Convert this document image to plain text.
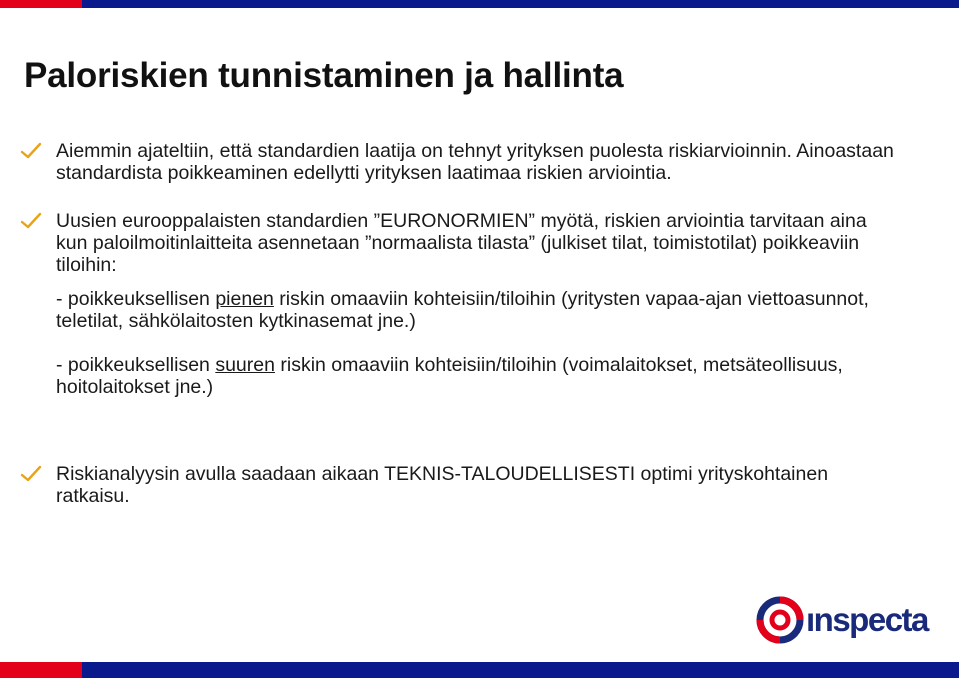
Paloriskien tunnistaminen ja hallinta
Aiemmin ajateltiin, että standardien laatija on tehnyt yrityksen puolesta riskiarvioinnin. Ainoastaan standardista poikkeaminen edellytti yrityksen laatimaa riskien arviointia.
Uusien eurooppalaisten standardien ”EURONORMIEN” myötä, riskien arviointia tarvitaan aina kun paloilmoitinlaitteita asennetaan ”normaalista tilasta” (julkiset tilat, toimistotilat) poikkeaviin tiloihin:
- poikkeuksellisen pienen riskin omaaviin kohteisiin/tiloihin (yritysten vapaa-ajan viettoasunnot, teletilat, sähkölaitosten kytkinasemat jne.)
- poikkeuksellisen suuren riskin omaaviin kohteisiin/tiloihin (voimalaitokset, metsäteollisuus, hoitolaitokset jne.)
Riskianalyysin avulla saadaan aikaan TEKNIS-TALOUDELLISESTI optimi yrityskohtainen ratkaisu.
ınspecta
